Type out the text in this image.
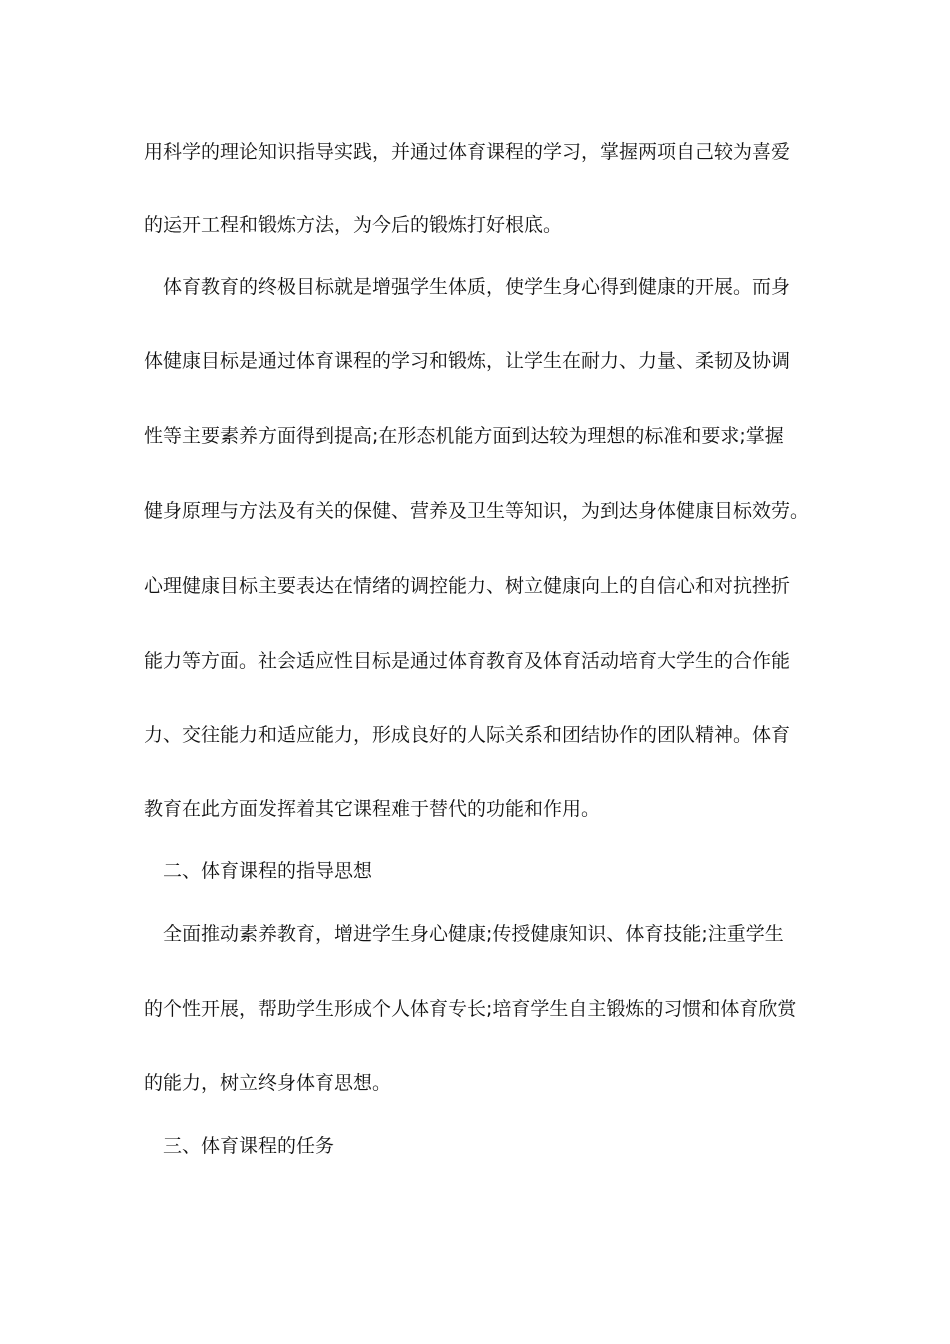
用科学的理论知识指导实践，并通过体育课程的学习，掌握两项自己较为喜爱
的运开工程和锻炼方法，为今后的锻炼打好根底。
体育教育的终极目标就是增强学生体质，使学生身心得到健康的开展。而身
体健康目标是通过体育课程的学习和锻炼，让学生在耐力、力量、柔韧及协调
性等主要素养方面得到提高;在形态机能方面到达较为理想的标准和要求;掌握
健身原理与方法及有关的保健、营养及卫生等知识，为到达身体健康目标效劳。
心理健康目标主要表达在情绪的调控能力、树立健康向上的自信心和对抗挫折
能力等方面。社会适应性目标是通过体育教育及体育活动培育大学生的合作能
力、交往能力和适应能力，形成良好的人际关系和团结协作的团队精神。体育
教育在此方面发挥着其它课程难于替代的功能和作用。
二、体育课程的指导思想
全面推动素养教育，增进学生身心健康;传授健康知识、体育技能;注重学生
的个性开展，帮助学生形成个人体育专长;培育学生自主锻炼的习惯和体育欣赏
的能力，树立终身体育思想。
三、体育课程的任务
